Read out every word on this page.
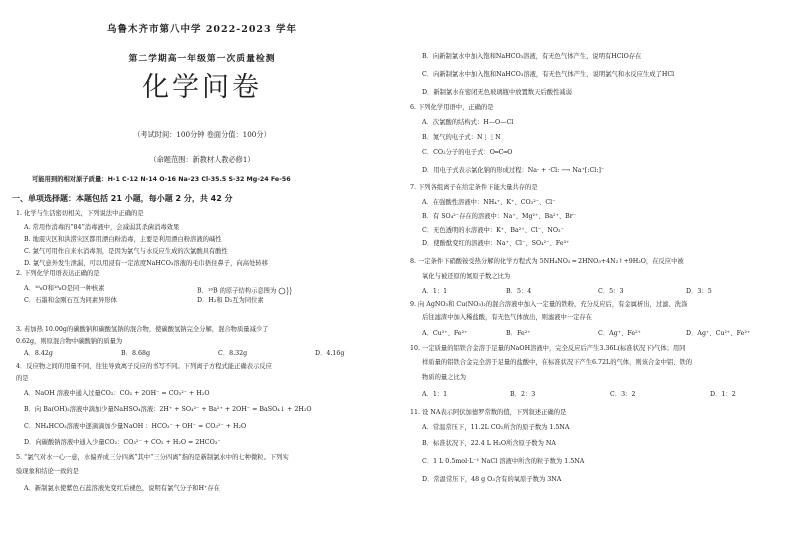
乌鲁木齐市第八中学 2022-2023 学年
第二学期高一年级第一次质量检测
化学问卷
（考试时间：100分钟 卷面分值：100分）
（命题范围：新教材人教必修1）
可能用到的相对原子质量：H-1 C-12 N-14 O-16 Na-23 Cl-35.5 S-32 Mg-24 Fe-56
一、单项选择题：本题包括 21 小题，每小题 2 分，共 42 分
1. 化学与生活密切相关，下列说法中正确的是
A. 常用作消毒的“84”消毒液中，会减弱其杀菌消毒效果
B. 地震灾区和洪涝灾区都用漂白粉消毒，主要是利用漂白粉溶液的碱性
C. 氯气可用作自来水消毒剂，是因为氯气与水反应生成的次氯酸具有酸性
D. 氯气意外发生泄漏，可以用浸有一定浓度NaHCO₃溶液的毛巾捂住鼻子，向高处转移
2. 下列化学用语表达正确的是
A．¹⁶₈O和¹⁸₈O是同一种核素	B．¹⁶B 的原子结构示意图为
C．石墨和金刚石互为同素异形体	D．H₂和 D₂互为同位素
3. 若加热 10.00g的碳酸钠和碳酸氢钠的混合物，使碳酸氢钠完全分解，混合物质量减少了
0.62g，则原混合物中碳酸钠的质量为
A．8.42g	B．8.68g	C．8.32g	D．4.16g
4．反应物之间的用量不同，往往导致离子反应的书写不同。下列离子方程式能正确表示反应
的是
A．NaOH 溶液中通入过量CO₂：CO₂ + 2OH⁻ = CO₃²⁻ + H₂O
B．向 Ba(OH)₂溶液中滴加少量NaHSO₄溶液：2H⁺ + SO₄²⁻ + Ba²⁺ + 2OH⁻ = BaSO₄↓ + 2H₂O
C．NH₄HCO₃溶液中逐滴滴加少量NaOH ：HCO₃⁻ + OH⁻ = CO₃²⁻ + H₂O
D．向碳酸钠溶液中通入少量CO₂：CO₃²⁻ + CO₂ + H₂O = 2HCO₃⁻
5. “氯气对水一心一意，水偏弄成三分四离”其中“三分四离”指的是新制氯水中的七种微粒。下列实
验现象和结论一致的是
A．新制氯水使紫色石蕊溶液先变红后褪色，说明有氯气分子和H⁺存在
B．向新制氯水中加入饱和NaHCO₃溶液，有无色气体产生，说明有HClO存在
C．向新制氯水中加入饱和NaHCO₃溶液，有无色气体产生，说明氯气和水反应生成了HCl
D．新制氯水在密闭无色玻璃瓶中放置数天后酸性减弱
6. 下列化学用语中，正确的是
A．次氯酸的结构式：H—O—Cl
B．氮气的电子式：N⋮⋮N
C．CO₂分子的电子式：O═C═O
D．用电子式表示氯化钠的形成过程：Na· + ·Cl: ⟶ Na⁺[:Cl:]⁻
7. 下列各组离子在给定条件下能大量共存的是
A．在强酸性溶液中：NH₄⁺、K⁺、CO₃²⁻、Cl⁻
B．有 SO₄²⁻存在的溶液中：Na⁺、Mg²⁺、Ba²⁺、Br⁻
C．无色透明的水溶液中：K⁺、Ba²⁺、Cl⁻、NO₃⁻
D．使酚酞变红的溶液中：Na⁺、Cl⁻、SO₄²⁻、Fe³⁺
8. 一定条件下硝酸铵受热分解的化学方程式为 5NH₄NO₃ ═ 2HNO₃+4N₂↑+9H₂O，在反应中被
氧化与被还原的氮原子数之比为
A．1：1	B．5：4	C．5：3	D．3：5
9. 向 AgNO₃和 Cu(NO₃)₂的混合溶液中加入一定量的铁粉，充分反应后，有金属析出，过滤、洗涤
后往滤渣中加入稀盐酸，有无色气体放出，则滤液中一定存在
A．Cu²⁺、Fe²⁺	B．Fe²⁺	C．Ag⁺、Fe²⁺	D．Ag⁺、Cu²⁺、Fe²⁺
10. 一定质量的铝铁合金溶于足量的NaOH溶液中，完全反应后产生3.36L(标准状况下)气体；用同
样质量的铝铁合金完全溶于足量的盐酸中，在标准状况下产生6.72L的气体，则该合金中铝、铁的
物质的量之比为
A．1：1	B．2：3	C．3：2	D．1：2
11. 设 NA表示阿伏加德罗常数的值，下列叙述正确的是
A．常温常压下，11.2L CO₂所含的原子数为 1.5NA
B．标准状况下，22.4 L H₂O所含原子数为 NA
C．1 L 0.5mol·L⁻¹ NaCl 溶液中所含的粒子数为 1.5NA
D．常温常压下，48 g O₃含有的氧原子数为 3NA
